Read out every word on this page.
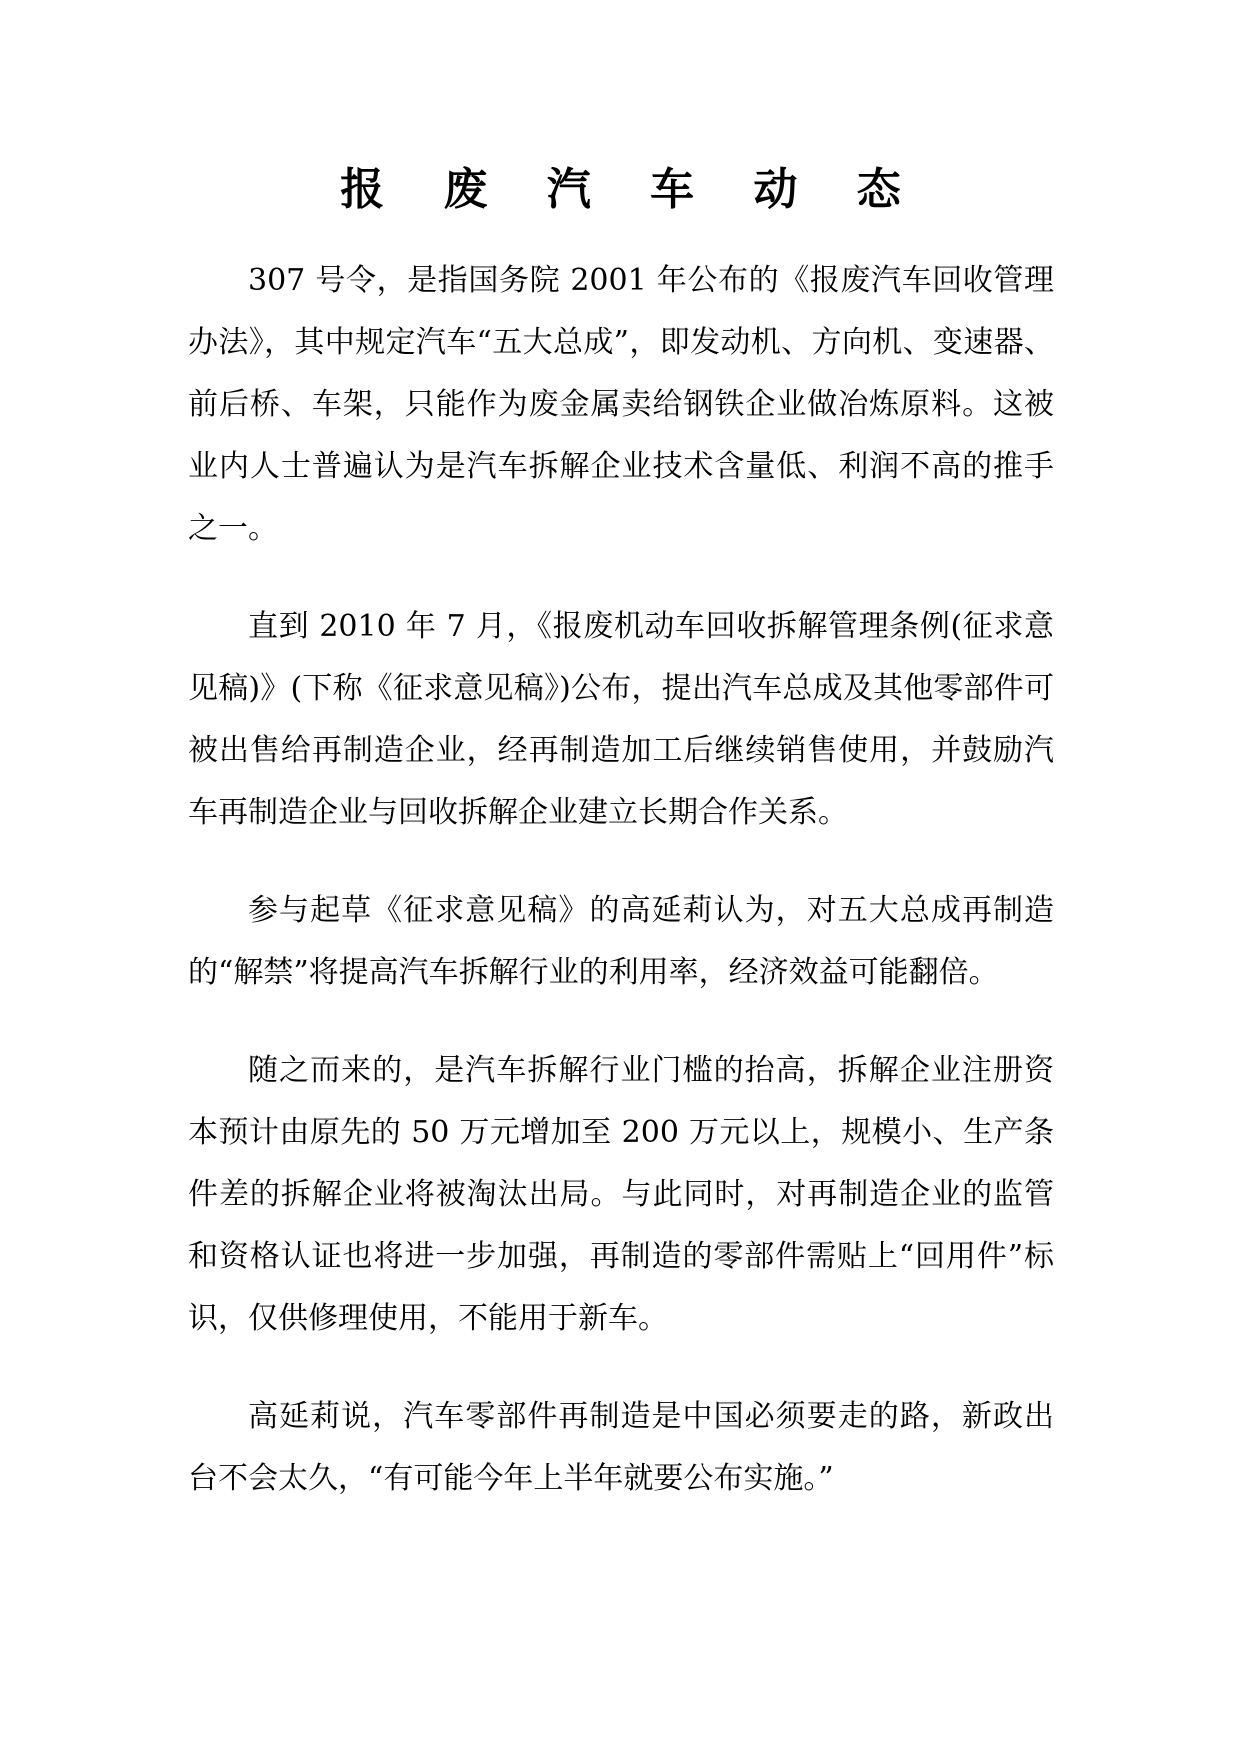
报 废 汽 车 动 态

307 号令，是指国务院 2001 年公布的《报废汽车回收管理办法》，其中规定汽车“五大总成”，即发动机、方向机、变速器、前后桥、车架，只能作为废金属卖给钢铁企业做冶炼原料。这被业内人士普遍认为是汽车拆解企业技术含量低、利润不高的推手之一。

直到 2010 年 7 月，《报废机动车回收拆解管理条例(征求意见稿)》(下称《征求意见稿》)公布，提出汽车总成及其他零部件可被出售给再制造企业，经再制造加工后继续销售使用，并鼓励汽车再制造企业与回收拆解企业建立长期合作关系。

参与起草《征求意见稿》的高延莉认为，对五大总成再制造的“解禁”将提高汽车拆解行业的利用率，经济效益可能翻倍。

随之而来的，是汽车拆解行业门槛的抬高，拆解企业注册资本预计由原先的 50 万元增加至 200 万元以上，规模小、生产条件差的拆解企业将被淘汰出局。与此同时，对再制造企业的监管和资格认证也将进一步加强，再制造的零部件需贴上“回用件”标识，仅供修理使用，不能用于新车。

高延莉说，汽车零部件再制造是中国必须要走的路，新政出台不会太久，“有可能今年上半年就要公布实施。”
